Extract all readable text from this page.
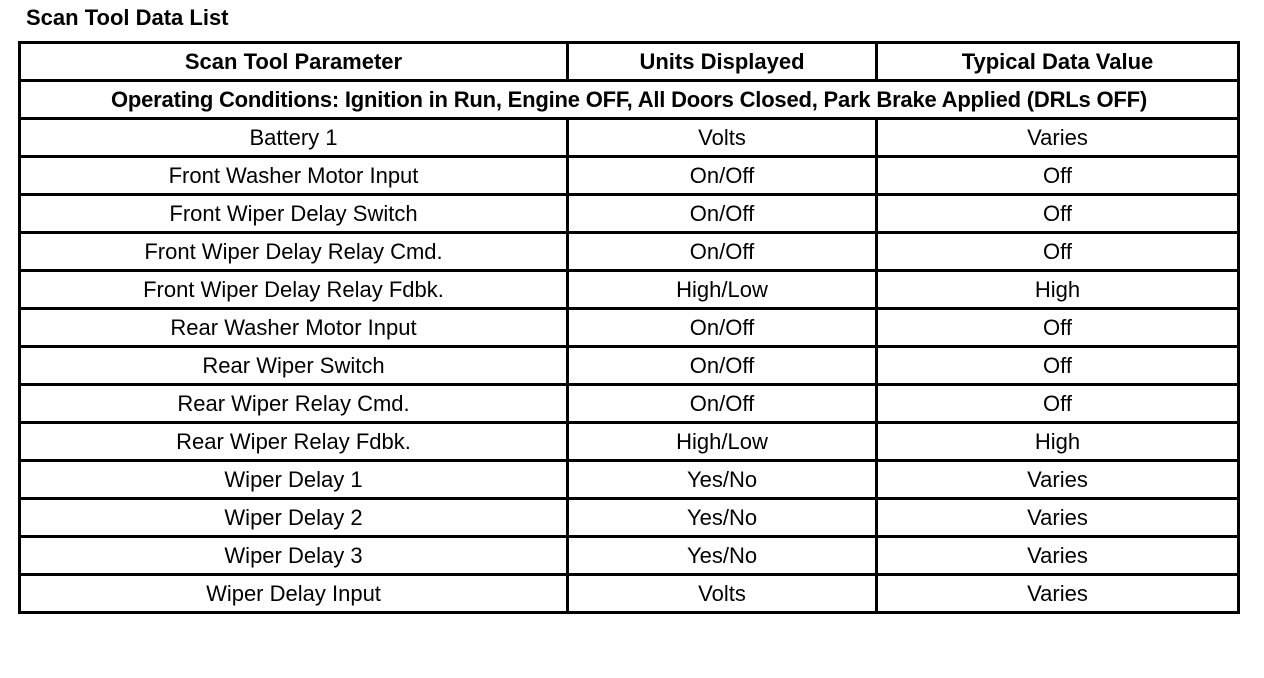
Scan Tool Data List
Scan Tool Parameter	Units Displayed	Typical Data Value
Operating Conditions: Ignition in Run, Engine OFF, All Doors Closed, Park Brake Applied (DRLs OFF)		
Battery 1	Volts	Varies
Front Washer Motor Input	On/Off	Off
Front Wiper Delay Switch	On/Off	Off
Front Wiper Delay Relay Cmd.	On/Off	Off
Front Wiper Delay Relay Fdbk.	High/Low	High
Rear Washer Motor Input	On/Off	Off
Rear Wiper Switch	On/Off	Off
Rear Wiper Relay Cmd.	On/Off	Off
Rear Wiper Relay Fdbk.	High/Low	High
Wiper Delay 1	Yes/No	Varies
Wiper Delay 2	Yes/No	Varies
Wiper Delay 3	Yes/No	Varies
Wiper Delay Input	Volts	Varies
